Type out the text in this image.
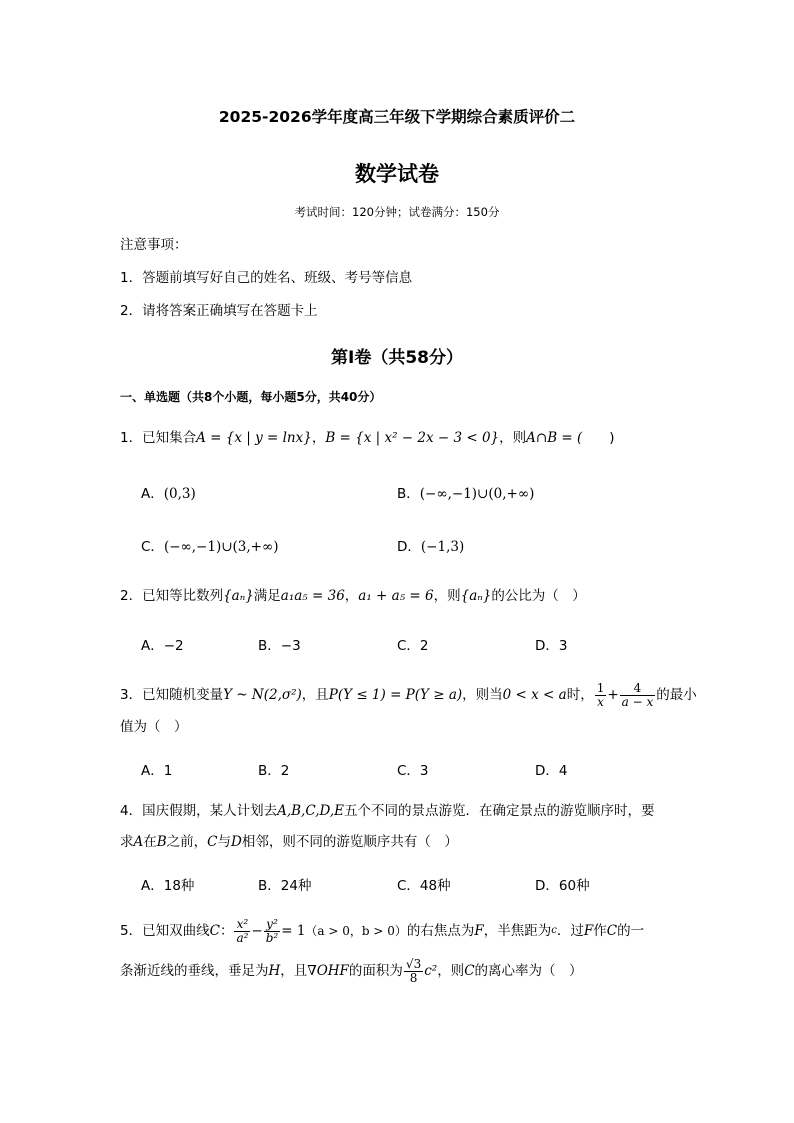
2025-2026学年度高三年级下学期综合素质评价二
数学试卷
考试时间：120分钟；试卷满分：150分
注意事项：
1．答题前填写好自己的姓名、班级、考号等信息
2．请将答案正确填写在答题卡上
第Ⅰ卷（共58分）
一、单选题（共8个小题，每小题5分，共40分）
1．已知集合A = {x | y = lnx}，B = {x | x² − 2x − 3 < 0}，则A∩B = (　　)
A．(0,3)	B．(−∞,−1)∪(0,+∞)
C．(−∞,−1)∪(3,+∞)	D．(−1,3)
2．已知等比数列{aₙ}满足a₁a₅ = 36，a₁ + a₅ = 6，则{aₙ}的公比为（　）
A．−2	B．−3	C．2	D．3
3． 已知随机变量 Y ~ N(2,σ²) ，且 P(Y ≤ 1) = P(Y ≥ a) ，则当 0 < x < a 时， $\frac{1}{x} + \frac{4}{a - x}$ 的最小
值为（　）
A．1	B．2	C．3	D．4
4．国庆假期，某人计划去A,B,C,D,E五个不同的景点游览．在确定景点的游览顺序时，要
求A在B之前，C与D相邻，则不同的游览顺序共有（　）
A．18种	B．24种	C．48种	D．60种
5． 已知双曲线 C ： $\frac{\text{x²}}{\text{a²}} - \frac{\text{y²}}{\text{b²}} = 1$ （a > 0，b > 0） 的右焦点为 F ，半焦距为 c ．过 F 作 C 的一
条渐近线的垂线，垂足为 H ，且 ∇OHF 的面积为 $\frac{√3}{8} c^2$ ，则 C 的离心率为（　）
